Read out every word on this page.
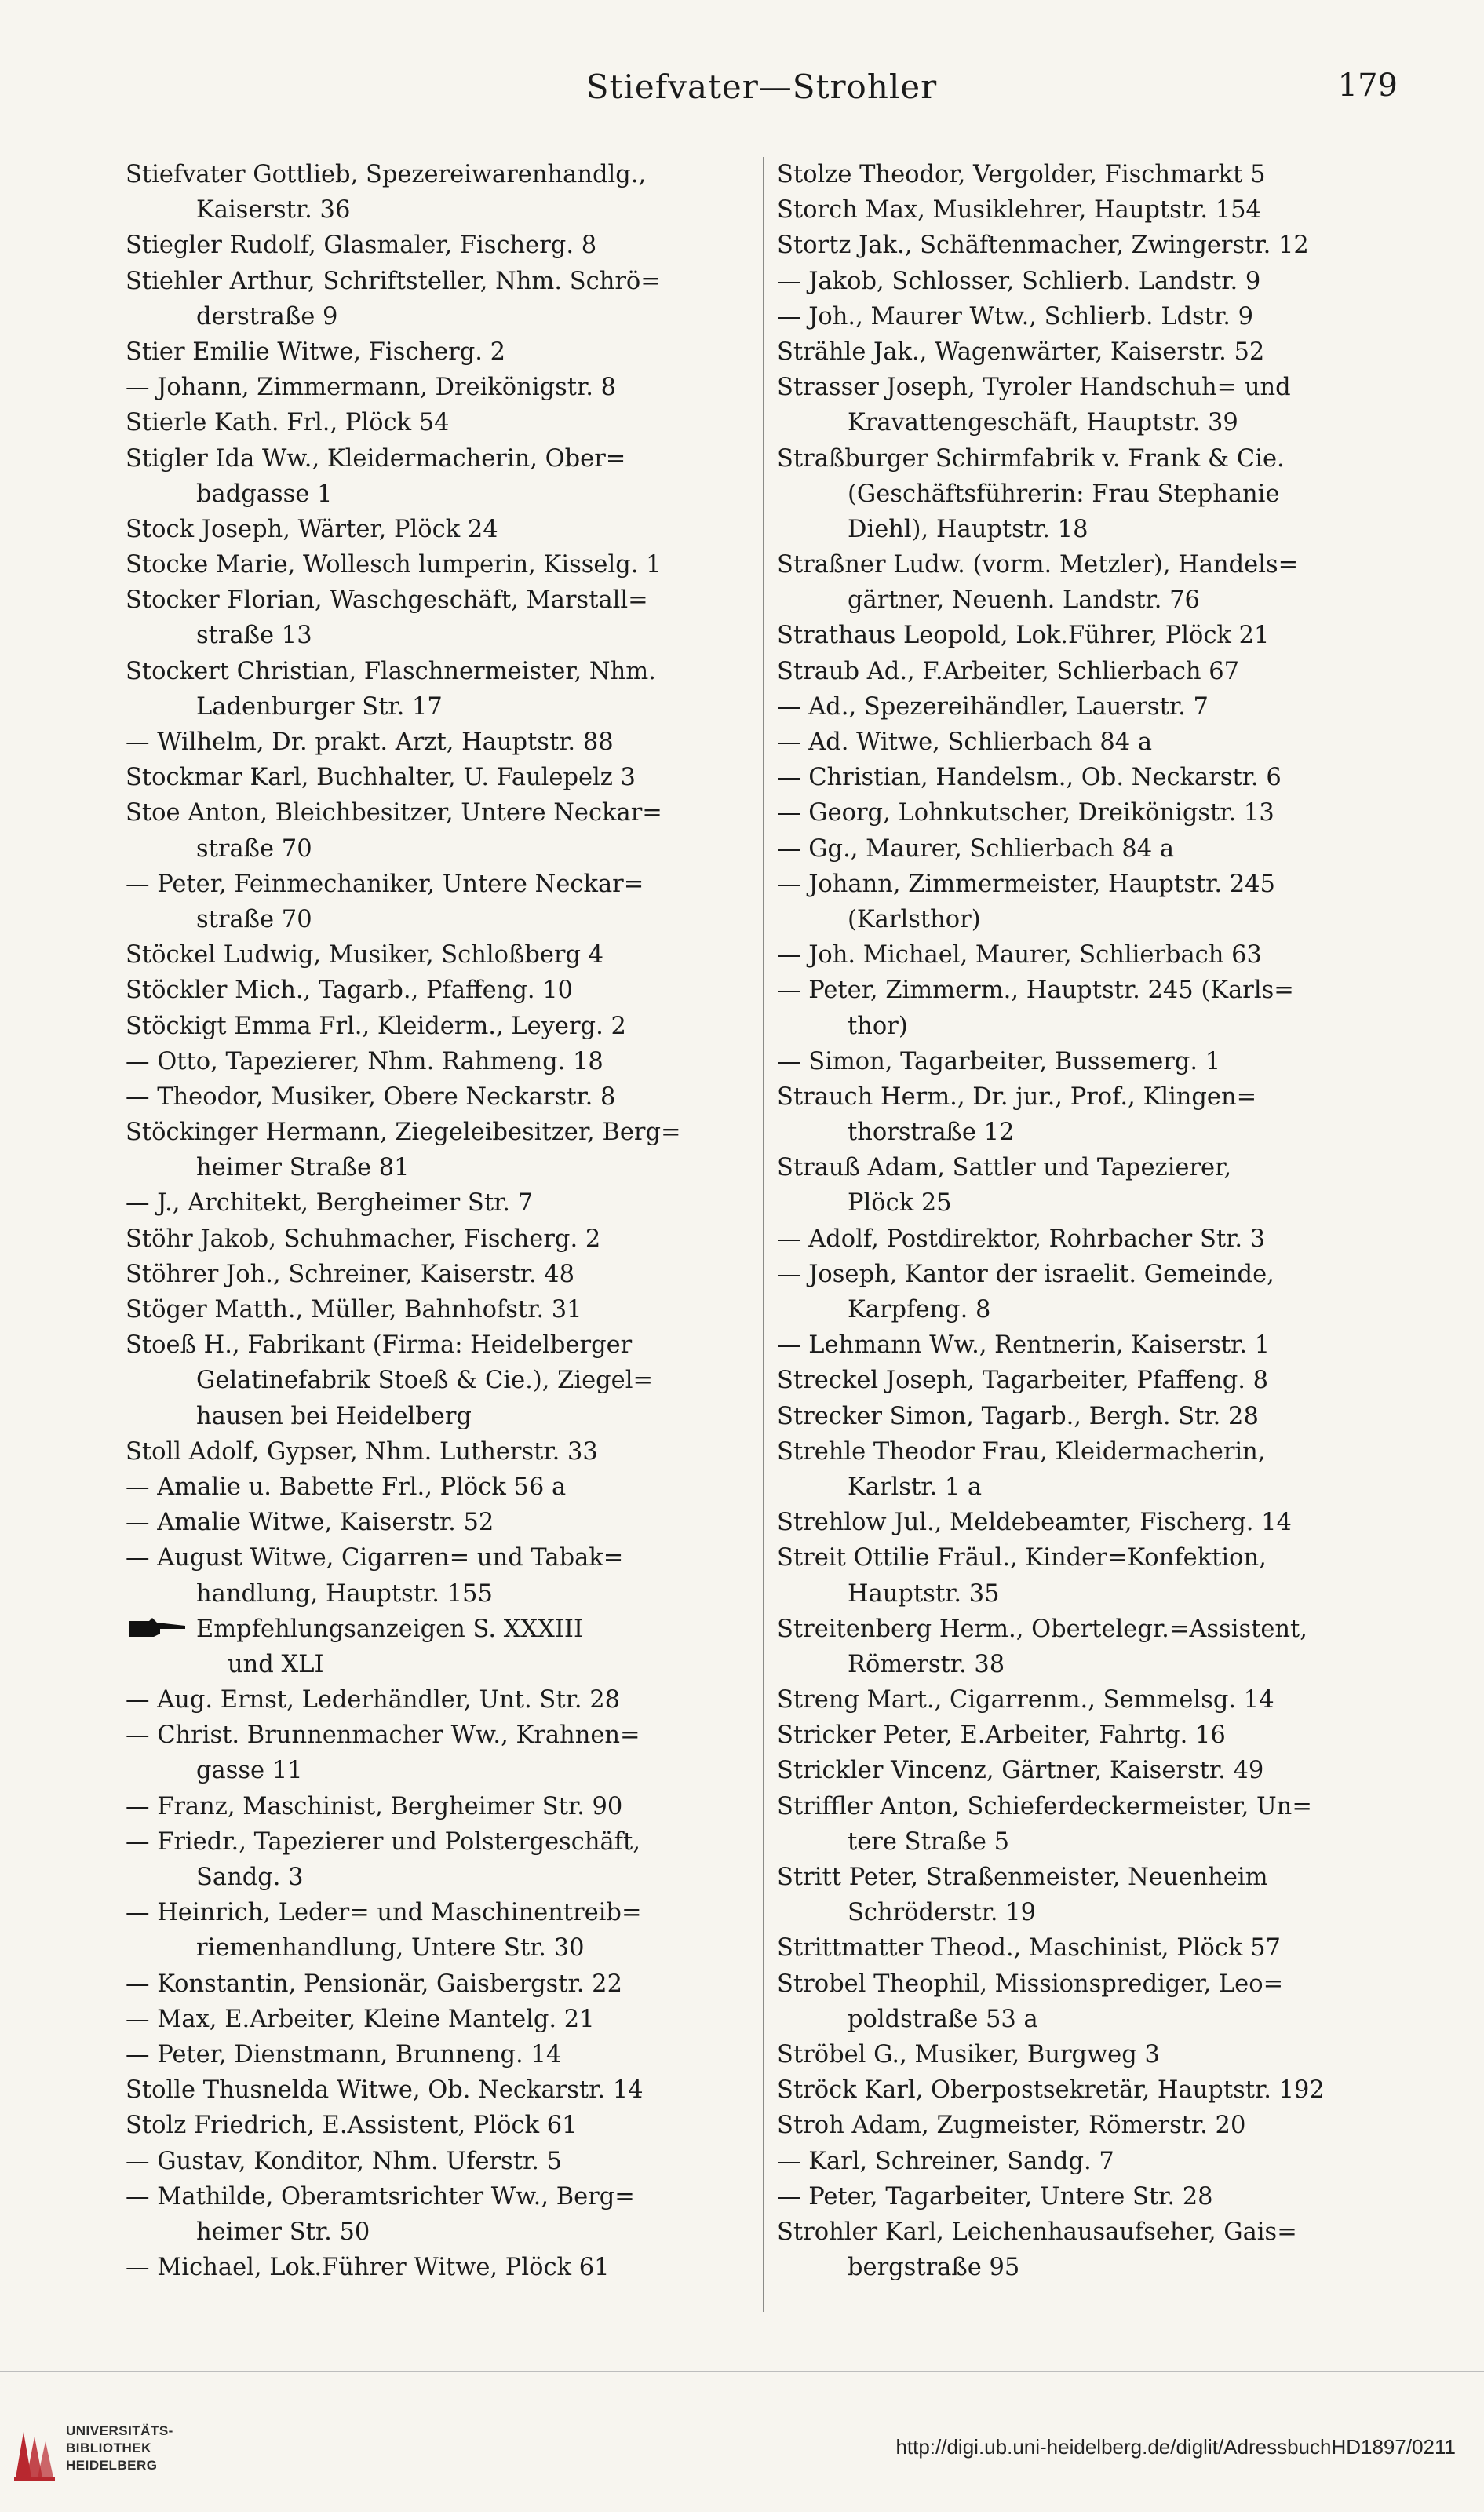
Stiefvater—Strohler	179
Stiefvater Gottlieb, Spezereiwarenhandlg.,
Kaiserstr. 36
Stiegler Rudolf, Glasmaler, Fischerg. 8
Stiehler Arthur, Schriftsteller, Nhm. Schrö=
derstraße 9
Stier Emilie Witwe, Fischerg. 2
— Johann, Zimmermann, Dreikönigstr. 8
Stierle Kath. Frl., Plöck 54
Stigler Ida Ww., Kleidermacherin, Ober=
badgasse 1
Stock Joseph, Wärter, Plöck 24
Stocke Marie, Wollesch lumperin, Kisselg. 1
Stocker Florian, Waschgeschäft, Marstall=
straße 13
Stockert Christian, Flaschnermeister, Nhm.
Ladenburger Str. 17
— Wilhelm, Dr. prakt. Arzt, Hauptstr. 88
Stockmar Karl, Buchhalter, U. Faulepelz 3
Stoe Anton, Bleichbesitzer, Untere Neckar=
straße 70
— Peter, Feinmechaniker, Untere Neckar=
straße 70
Stöckel Ludwig, Musiker, Schloßberg 4
Stöckler Mich., Tagarb., Pfaffeng. 10
Stöckigt Emma Frl., Kleiderm., Leyerg. 2
— Otto, Tapezierer, Nhm. Rahmeng. 18
— Theodor, Musiker, Obere Neckarstr. 8
Stöckinger Hermann, Ziegeleibesitzer, Berg=
heimer Straße 81
— J., Architekt, Bergheimer Str. 7
Stöhr Jakob, Schuhmacher, Fischerg. 2
Stöhrer Joh., Schreiner, Kaiserstr. 48
Stöger Matth., Müller, Bahnhofstr. 31
Stoeß H., Fabrikant (Firma: Heidelberger
Gelatinefabrik Stoeß & Cie.), Ziegel=
hausen bei Heidelberg
Stoll Adolf, Gypser, Nhm. Lutherstr. 33
— Amalie u. Babette Frl., Plöck 56 a
— Amalie Witwe, Kaiserstr. 52
— August Witwe, Cigarren= und Tabak=
handlung, Hauptstr. 155
Empfehlungsanzeigen S. XXXIII
und XLI
— Aug. Ernst, Lederhändler, Unt. Str. 28
— Christ. Brunnenmacher Ww., Krahnen=
gasse 11
— Franz, Maschinist, Bergheimer Str. 90
— Friedr., Tapezierer und Polstergeschäft,
Sandg. 3
— Heinrich, Leder= und Maschinentreib=
riemenhandlung, Untere Str. 30
— Konstantin, Pensionär, Gaisbergstr. 22
— Max, E.Arbeiter, Kleine Mantelg. 21
— Peter, Dienstmann, Brunneng. 14
Stolle Thusnelda Witwe, Ob. Neckarstr. 14
Stolz Friedrich, E.Assistent, Plöck 61
— Gustav, Konditor, Nhm. Uferstr. 5
— Mathilde, Oberamtsrichter Ww., Berg=
heimer Str. 50
— Michael, Lok.Führer Witwe, Plöck 61
Stolze Theodor, Vergolder, Fischmarkt 5
Storch Max, Musiklehrer, Hauptstr. 154
Stortz Jak., Schäftenmacher, Zwingerstr. 12
— Jakob, Schlosser, Schlierb. Landstr. 9
— Joh., Maurer Wtw., Schlierb. Ldstr. 9
Strähle Jak., Wagenwärter, Kaiserstr. 52
Strasser Joseph, Tyroler Handschuh= und
Kravattengeschäft, Hauptstr. 39
Straßburger Schirmfabrik v. Frank & Cie.
(Geschäftsführerin: Frau Stephanie
Diehl), Hauptstr. 18
Straßner Ludw. (vorm. Metzler), Handels=
gärtner, Neuenh. Landstr. 76
Strathaus Leopold, Lok.Führer, Plöck 21
Straub Ad., F.Arbeiter, Schlierbach 67
— Ad., Spezereihändler, Lauerstr. 7
— Ad. Witwe, Schlierbach 84 a
— Christian, Handelsm., Ob. Neckarstr. 6
— Georg, Lohnkutscher, Dreikönigstr. 13
— Gg., Maurer, Schlierbach 84 a
— Johann, Zimmermeister, Hauptstr. 245
(Karlsthor)
— Joh. Michael, Maurer, Schlierbach 63
— Peter, Zimmerm., Hauptstr. 245 (Karls=
thor)
— Simon, Tagarbeiter, Bussemerg. 1
Strauch Herm., Dr. jur., Prof., Klingen=
thorstraße 12
Strauß Adam, Sattler und Tapezierer,
Plöck 25
— Adolf, Postdirektor, Rohrbacher Str. 3
— Joseph, Kantor der israelit. Gemeinde,
Karpfeng. 8
— Lehmann Ww., Rentnerin, Kaiserstr. 1
Streckel Joseph, Tagarbeiter, Pfaffeng. 8
Strecker Simon, Tagarb., Bergh. Str. 28
Strehle Theodor Frau, Kleidermacherin,
Karlstr. 1 a
Strehlow Jul., Meldebeamter, Fischerg. 14
Streit Ottilie Fräul., Kinder=Konfektion,
Hauptstr. 35
Streitenberg Herm., Obertelegr.=Assistent,
Römerstr. 38
Streng Mart., Cigarrenm., Semmelsg. 14
Stricker Peter, E.Arbeiter, Fahrtg. 16
Strickler Vincenz, Gärtner, Kaiserstr. 49
Striffler Anton, Schieferdeckermeister, Un=
tere Straße 5
Stritt Peter, Straßenmeister, Neuenheim
Schröderstr. 19
Strittmatter Theod., Maschinist, Plöck 57
Strobel Theophil, Missionsprediger, Leo=
poldstraße 53 a
Ströbel G., Musiker, Burgweg 3
Ströck Karl, Oberpostsekretär, Hauptstr. 192
Stroh Adam, Zugmeister, Römerstr. 20
— Karl, Schreiner, Sandg. 7
— Peter, Tagarbeiter, Untere Str. 28
Strohler Karl, Leichenhausaufseher, Gais=
bergstraße 95
UNIVERSITÄTS-
BIBLIOTHEK
HEIDELBERG
http://digi.ub.uni-heidelberg.de/diglit/AdressbuchHD1897/0211
